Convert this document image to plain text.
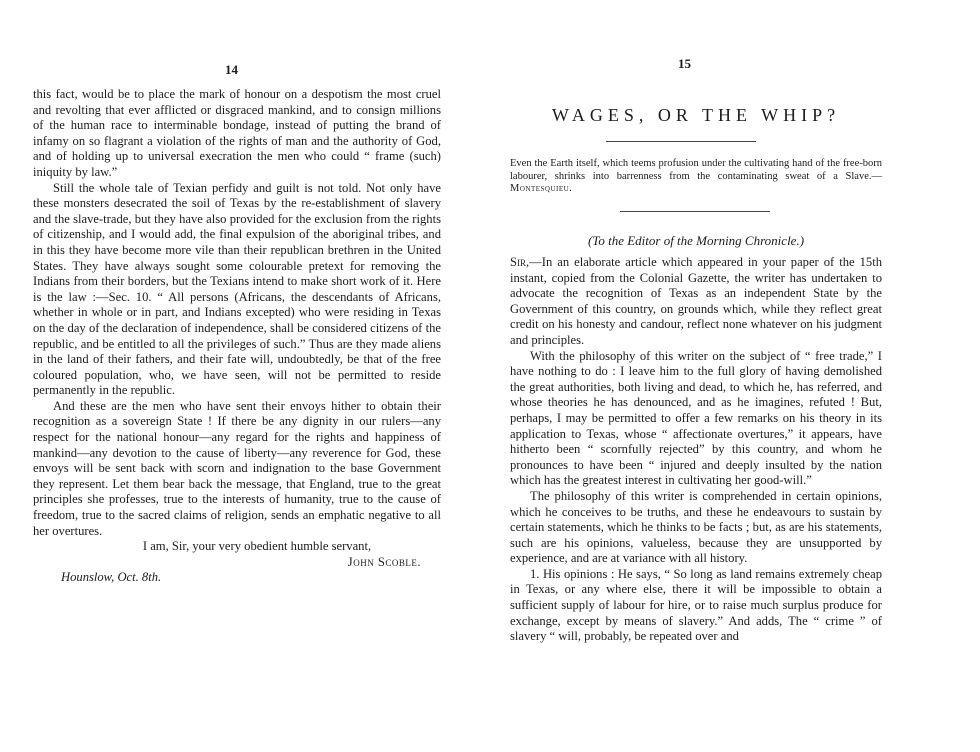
14

this fact, would be to place the mark of honour on a despotism the most cruel and revolting that ever afflicted or disgraced mankind, and to consign millions of the human race to interminable bondage, instead of putting the brand of infamy on so flagrant a violation of the rights of man and the authority of God, and of holding up to universal execration the men who could “ frame (such) iniquity by law.”

Still the whole tale of Texian perfidy and guilt is not told. Not only have these monsters desecrated the soil of Texas by the re-establishment of slavery and the slave-trade, but they have also provided for the exclusion from the rights of citizenship, and I would add, the final expulsion of the aboriginal tribes, and in this they have become more vile than their republican brethren in the United States. They have always sought some colourable pretext for removing the Indians from their borders, but the Texians intend to make short work of it. Here is the law :—Sec. 10. “ All persons (Africans, the descendants of Africans, whether in whole or in part, and Indians excepted) who were residing in Texas on the day of the declaration of independence, shall be considered citizens of the republic, and be entitled to all the privileges of such.” Thus are they made aliens in the land of their fathers, and their fate will, undoubtedly, be that of the free coloured population, who, we have seen, will not be permitted to reside permanently in the republic.

And these are the men who have sent their envoys hither to obtain their recognition as a sovereign State ! If there be any dignity in our rulers—any respect for the national honour—any regard for the rights and happiness of mankind—any devotion to the cause of liberty—any reverence for God, these envoys will be sent back with scorn and indignation to the base Government they represent. Let them bear back the message, that England, true to the great principles she professes, true to the interests of humanity, true to the cause of freedom, true to the sacred claims of religion, sends an emphatic negative to all her overtures.

I am, Sir, your very obedient humble servant,

John Scoble.

Hounslow, Oct. 8th.

15
WAGES, OR THE WHIP?
Even the Earth itself, which teems profusion under the cultivating hand of the free-born labourer, shrinks into barrenness from the contaminating sweat of a Slave.—Montesquieu.
(To the Editor of the Morning Chronicle.)

Sir,—In an elaborate article which appeared in your paper of the 15th instant, copied from the Colonial Gazette, the writer has undertaken to advocate the recognition of Texas as an independent State by the Government of this country, on grounds which, while they reflect great credit on his honesty and candour, reflect none whatever on his judgment and principles.

With the philosophy of this writer on the subject of “ free trade,” I have nothing to do : I leave him to the full glory of having demolished the great authorities, both living and dead, to which he, has referred, and whose theories he has denounced, and as he imagines, refuted ! But, perhaps, I may be permitted to offer a few remarks on his theory in its application to Texas, whose “ affectionate overtures,” it appears, have hitherto been “ scornfully rejected” by this country, and whom he pronounces to have been “ injured and deeply insulted by the nation which has the greatest interest in cultivating her good-will.”

The philosophy of this writer is comprehended in certain opinions, which he conceives to be truths, and these he endeavours to sustain by certain statements, which he thinks to be facts ; but, as are his statements, such are his opinions, valueless, because they are unsupported by experience, and are at variance with all history.

1. His opinions : He says, “ So long as land remains extremely cheap in Texas, or any where else, there it will be impossible to obtain a sufficient supply of labour for hire, or to raise much surplus produce for exchange, except by means of slavery.” And adds, The “ crime ” of slavery “ will, probably, be repeated over and
